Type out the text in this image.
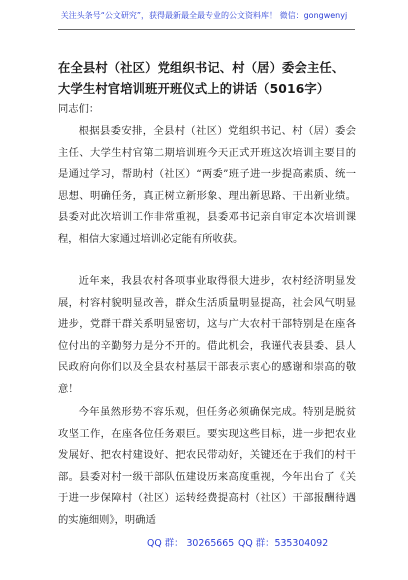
关注头条号“公文研究”，获得最新最全最专业的公文资料库！ 微信：gongwenyj
在全县村（社区）党组织书记、村（居）委会主任、大学生村官培训班开班仪式上的讲话（5016字）
同志们：

根据县委安排，全县村（社区）党组织书记、村（居）委会主任、大学生村官第二期培训班今天正式开班这次培训主要目的是通过学习，帮助村（社区）“两委”班子进一步提高素质、统一思想、明确任务，真正树立新形象、理出新思路、干出新业绩。县委对此次培训工作非常重视，县委邓书记亲自审定本次培训课程，相信大家通过培训必定能有所收获。

近年来，我县农村各项事业取得很大进步，农村经济明显发展，村容村貌明显改善，群众生活质量明显提高，社会风气明显进步，党群干群关系明显密切，这与广大农村干部特别是在座各位付出的辛勤努力是分不开的。借此机会，我谨代表县委、县人民政府向你们以及全县农村基层干部表示衷心的感谢和崇高的敬意！

今年虽然形势不容乐观，但任务必须确保完成。特别是脱贫攻坚工作，在座各位任务艰巨。要实现这些目标，进一步把农业发展好、把农村建设好、把农民带动好，关键还在于我们的村干部。县委对村一级干部队伍建设历来高度重视，今年出台了《关于进一步保障村（社区）运转经费提高村（社区）干部报酬待遇的实施细则》，明确适

QQ 群： 30265665 QQ 群：535304092
